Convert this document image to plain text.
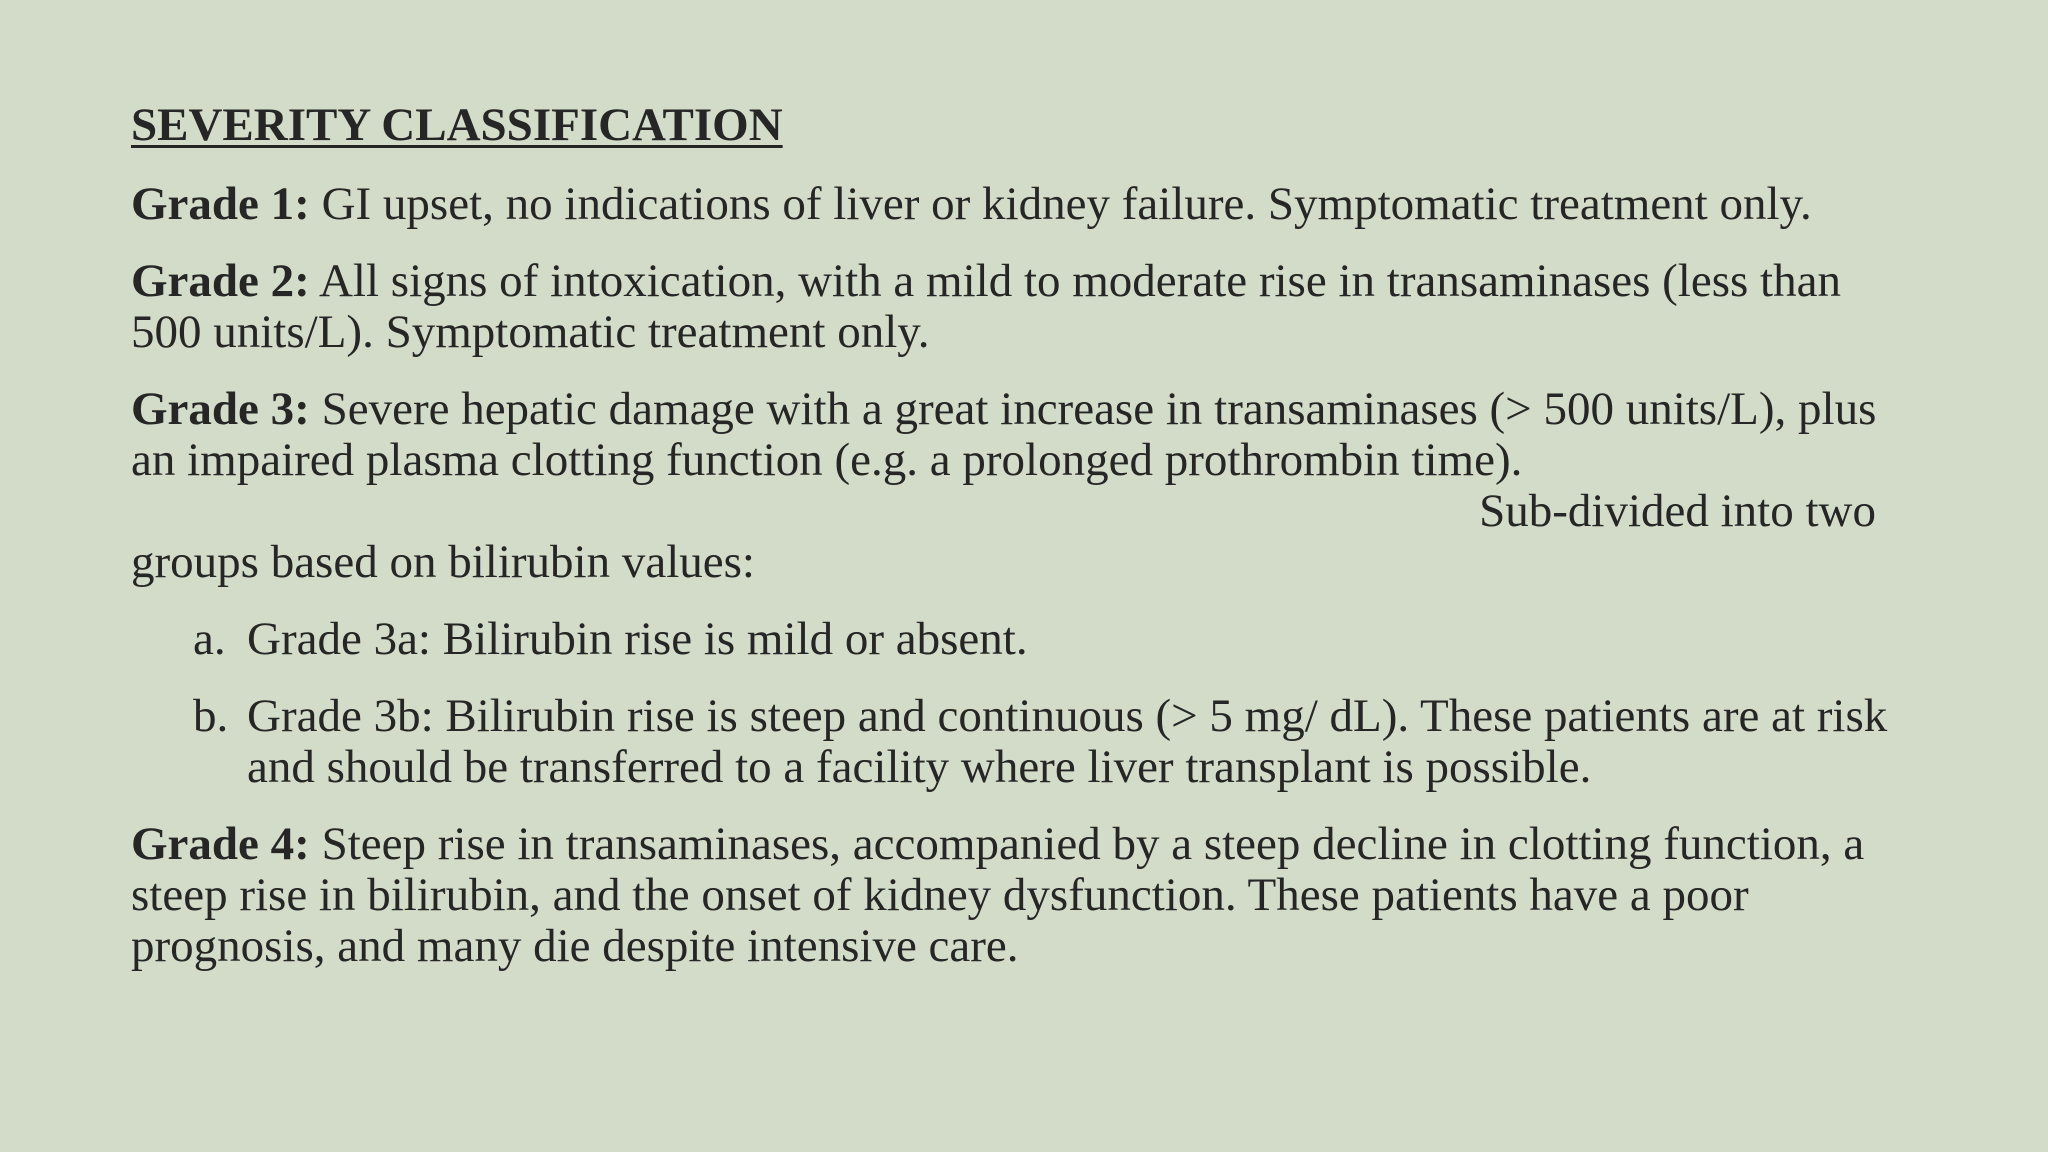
SEVERITY CLASSIFICATION
Grade 1: GI upset, no indications of liver or kidney failure. Symptomatic treatment only.
Grade 2: All signs of intoxication, with a mild to moderate rise in transaminases (less than 500 units/L). Symptomatic treatment only.
Grade 3: Severe hepatic damage with a great increase in transaminases (> 500 units/L), plus an impaired plasma clotting function (e.g. a prolonged prothrombin time).
Sub-divided into two
groups based on bilirubin values:
a. Grade 3a: Bilirubin rise is mild or absent.
b. Grade 3b: Bilirubin rise is steep and continuous (> 5 mg/ dL). These patients are at risk and should be transferred to a facility where liver transplant is possible.
Grade 4: Steep rise in transaminases, accompanied by a steep decline in clotting function, a steep rise in bilirubin, and the onset of kidney dysfunction. These patients have a poor prognosis, and many die despite intensive care.
